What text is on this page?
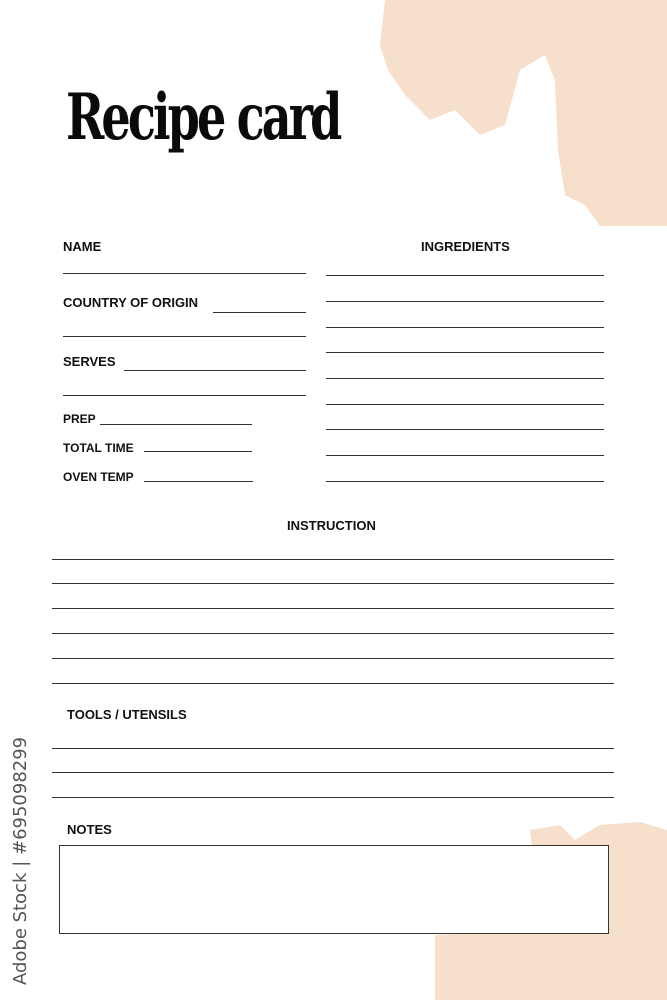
Recipe card
NAME
COUNTRY OF ORIGIN
SERVES
PREP
TOTAL TIME
OVEN TEMP
INGREDIENTS
INSTRUCTION
TOOLS / UTENSILS
NOTES
Adobe Stock | #695098299
